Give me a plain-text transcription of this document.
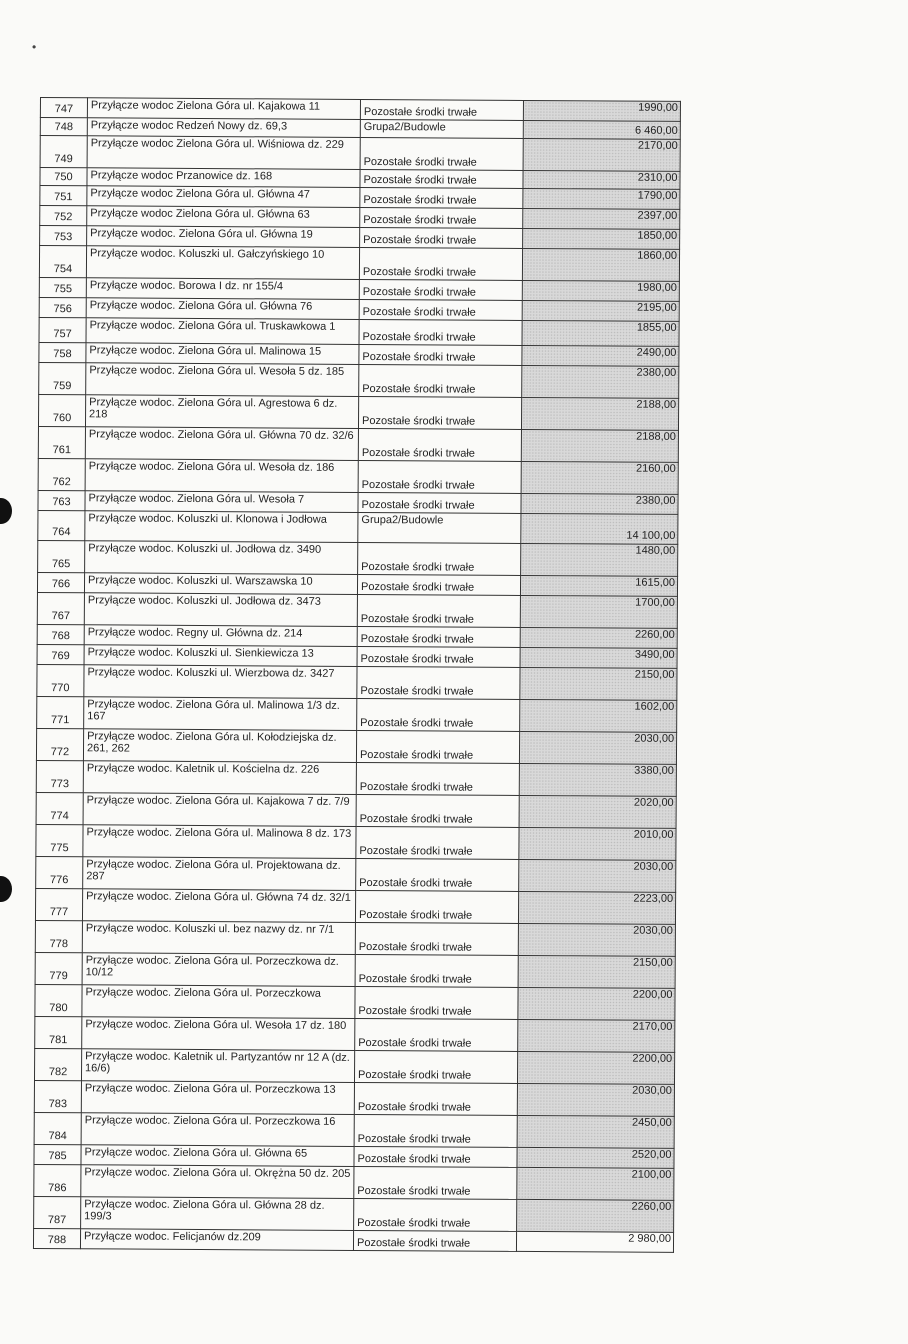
•
747	Przyłącze wodoc Zielona Góra ul. Kajakowa 11	Pozostałe środki trwałe	1990,00
748	Przyłącze wodoc Redzeń Nowy dz. 69,3	Grupa2/Budowle	6 460,00
749	Przyłącze wodoc Zielona Góra ul. Wiśniowa dz. 229	Pozostałe środki trwałe	2170,00
750	Przyłącze wodoc Przanowice dz. 168	Pozostałe środki trwałe	2310,00
751	Przyłącze wodoc Zielona Góra ul. Główna 47	Pozostałe środki trwałe	1790,00
752	Przyłącze wodoc Zielona Góra ul. Główna 63	Pozostałe środki trwałe	2397,00
753	Przyłącze wodoc. Zielona Góra ul. Główna 19	Pozostałe środki trwałe	1850,00
754	Przyłącze wodoc. Koluszki ul. Gałczyńskiego 10	Pozostałe środki trwałe	1860,00
755	Przyłącze wodoc. Borowa I dz. nr 155/4	Pozostałe środki trwałe	1980,00
756	Przyłącze wodoc. Zielona Góra ul. Główna 76	Pozostałe środki trwałe	2195,00
757	Przyłącze wodoc. Zielona Góra ul. Truskawkowa 1	Pozostałe środki trwałe	1855,00
758	Przyłącze wodoc. Zielona Góra ul. Malinowa 15	Pozostałe środki trwałe	2490,00
759	Przyłącze wodoc. Zielona Góra ul. Wesoła 5 dz. 185	Pozostałe środki trwałe	2380,00
760	Przyłącze wodoc. Zielona Góra ul. Agrestowa 6 dz. 218	Pozostałe środki trwałe	2188,00
761	Przyłącze wodoc. Zielona Góra ul. Główna 70 dz. 32/6	Pozostałe środki trwałe	2188,00
762	Przyłącze wodoc. Zielona Góra ul. Wesoła dz. 186	Pozostałe środki trwałe	2160,00
763	Przyłącze wodoc. Zielona Góra ul. Wesoła 7	Pozostałe środki trwałe	2380,00
764	Przyłącze wodoc. Koluszki ul. Klonowa i Jodłowa	Grupa2/Budowle	14 100,00
765	Przyłącze wodoc. Koluszki ul. Jodłowa dz. 3490	Pozostałe środki trwałe	1480,00
766	Przyłącze wodoc. Koluszki ul. Warszawska 10	Pozostałe środki trwałe	1615,00
767	Przyłącze wodoc. Koluszki ul. Jodłowa dz. 3473	Pozostałe środki trwałe	1700,00
768	Przyłącze wodoc. Regny ul. Główna dz. 214	Pozostałe środki trwałe	2260,00
769	Przyłącze wodoc. Koluszki ul. Sienkiewicza 13	Pozostałe środki trwałe	3490,00
770	Przyłącze wodoc. Koluszki ul. Wierzbowa dz. 3427	Pozostałe środki trwałe	2150,00
771	Przyłącze wodoc. Zielona Góra ul. Malinowa 1/3 dz. 167	Pozostałe środki trwałe	1602,00
772	Przyłącze wodoc. Zielona Góra ul. Kołodziejska dz. 261, 262	Pozostałe środki trwałe	2030,00
773	Przyłącze wodoc. Kaletnik ul. Kościelna dz. 226	Pozostałe środki trwałe	3380,00
774	Przyłącze wodoc. Zielona Góra ul. Kajakowa 7 dz. 7/9	Pozostałe środki trwałe	2020,00
775	Przyłącze wodoc. Zielona Góra ul. Malinowa 8 dz. 173	Pozostałe środki trwałe	2010,00
776	Przyłącze wodoc. Zielona Góra ul. Projektowana dz. 287	Pozostałe środki trwałe	2030,00
777	Przyłącze wodoc. Zielona Góra ul. Główna 74 dz. 32/1	Pozostałe środki trwałe	2223,00
778	Przyłącze wodoc. Koluszki ul. bez nazwy dz. nr 7/1	Pozostałe środki trwałe	2030,00
779	Przyłącze wodoc. Zielona Góra ul. Porzeczkowa dz. 10/12	Pozostałe środki trwałe	2150,00
780	Przyłącze wodoc. Zielona Góra ul. Porzeczkowa	Pozostałe środki trwałe	2200,00
781	Przyłącze wodoc. Zielona Góra ul. Wesoła 17 dz. 180	Pozostałe środki trwałe	2170,00
782	Przyłącze wodoc. Kaletnik ul. Partyzantów nr 12 A (dz. 16/6)	Pozostałe środki trwałe	2200,00
783	Przyłącze wodoc. Zielona Góra ul. Porzeczkowa 13	Pozostałe środki trwałe	2030,00
784	Przyłącze wodoc. Zielona Góra ul. Porzeczkowa 16	Pozostałe środki trwałe	2450,00
785	Przyłącze wodoc. Zielona Góra ul. Główna 65	Pozostałe środki trwałe	2520,00
786	Przyłącze wodoc. Zielona Góra ul. Okrężna 50 dz. 205	Pozostałe środki trwałe	2100,00
787	Przyłącze wodoc. Zielona Góra ul. Główna 28 dz. 199/3	Pozostałe środki trwałe	2260,00
788	Przyłącze wodoc. Felicjanów dz.209	Pozostałe środki trwałe	2 980,00
